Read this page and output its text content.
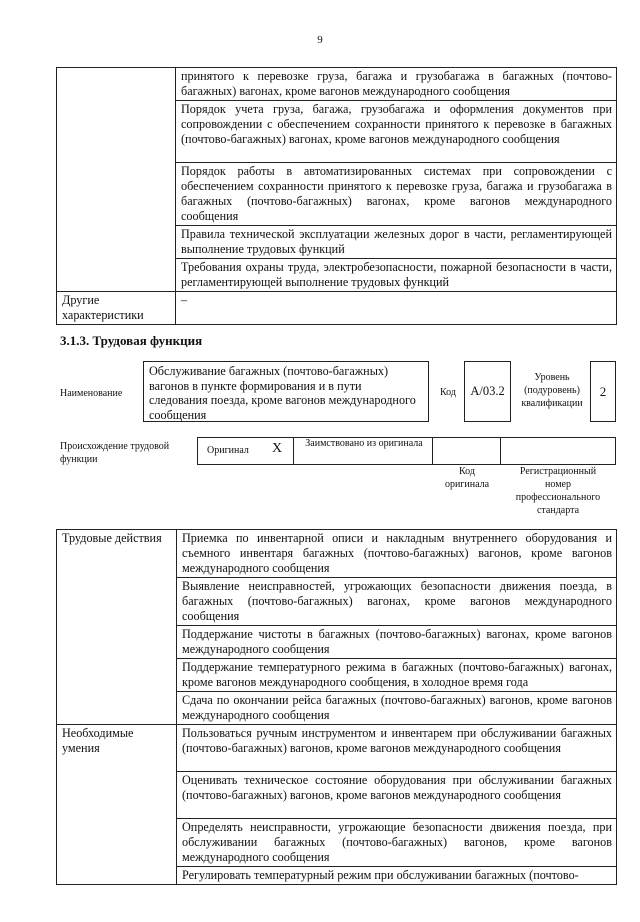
9
	принятого к перевозке груза, багажа и грузобагажа в багажных (почтово-багажных) вагонах, кроме вагонов международного сообщения
	Порядок учета груза, багажа, грузобагажа и оформления документов при сопровождении с обеспечением сохранности принятого к перевозке в багажных (почтово-багажных) вагонах, кроме вагонов международного сообщения
	Порядок работы в автоматизированных системах при сопровождении с обеспечением сохранности принятого к перевозке груза, багажа и грузобагажа в багажных (почтово-багажных) вагонах, кроме вагонов международного сообщения
	Правила технической эксплуатации железных дорог в части, регламентирующей выполнение трудовых функций
	Требования охраны труда, электробезопасности, пожарной безопасности в части, регламентирующей выполнение трудовых функций
Другие характеристики	–
3.1.3. Трудовая функция
Наименование
Обслуживание багажных (почтово-багажных) вагонов в пункте формирования и в пути следования поезда, кроме вагонов международного сообщения
Код	А/03.2
Уровень (подуровень) квалификации
2
Происхождение трудовой функции
Оригинал X	Заимствовано из оригинала
Код оригинала
Регистрационный номер профессионального стандарта
Трудовые действия	Приемка по инвентарной описи и накладным внутреннего оборудования и съемного инвентаря багажных (почтово-багажных) вагонов, кроме вагонов международного сообщения
	Выявление неисправностей, угрожающих безопасности движения поезда, в багажных (почтово-багажных) вагонах, кроме вагонов международного сообщения
	Поддержание чистоты в багажных (почтово-багажных) вагонах, кроме вагонов международного сообщения
	Поддержание температурного режима в багажных (почтово-багажных) вагонах, кроме вагонов международного сообщения, в холодное время года
	Сдача по окончании рейса багажных (почтово-багажных) вагонов, кроме вагонов международного сообщения
Необходимые умения	Пользоваться ручным инструментом и инвентарем при обслуживании багажных (почтово-багажных) вагонов, кроме вагонов международного сообщения
	Оценивать техническое состояние оборудования при обслуживании багажных (почтово-багажных) вагонов, кроме вагонов международного сообщения
	Определять неисправности, угрожающие безопасности движения поезда, при обслуживании багажных (почтово-багажных) вагонов, кроме вагонов международного сообщения
	Регулировать температурный режим при обслуживании багажных (почтово-
